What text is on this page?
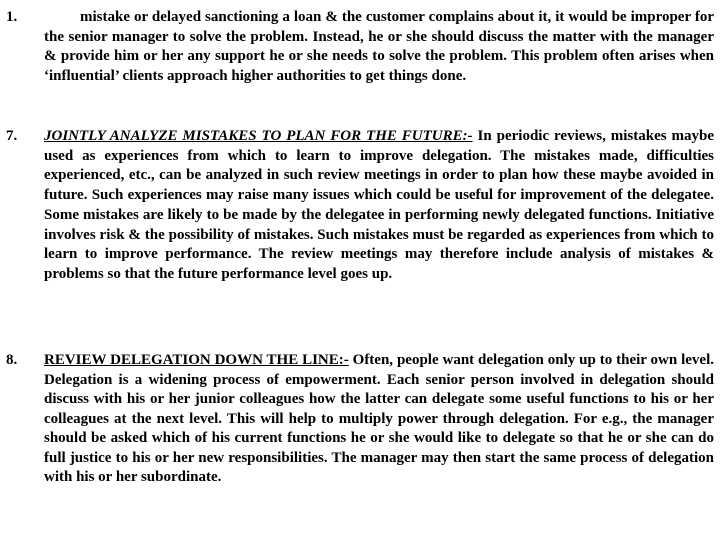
1.	mistake or delayed sanctioning a loan & the customer complains about it, it would be improper for the senior manager to solve the problem. Instead, he or she should discuss the matter with the manager & provide him or her any support he or she needs to solve the problem. This problem often arises when ‘influential’ clients approach higher authorities to get things done.
7. JOINTLY ANALYZE MISTAKES TO PLAN FOR THE FUTURE:- In periodic reviews, mistakes maybe used as experiences from which to learn to improve delegation. The mistakes made, difficulties experienced, etc., can be analyzed in such review meetings in order to plan how these maybe avoided in future. Such experiences may raise many issues which could be useful for improvement of the delegatee. Some mistakes are likely to be made by the delegatee in performing newly delegated functions. Initiative involves risk & the possibility of mistakes. Such mistakes must be regarded as experiences from which to learn to improve performance. The review meetings may therefore include analysis of mistakes & problems so that the future performance level goes up.
8. REVIEW DELEGATION DOWN THE LINE:- Often, people want delegation only up to their own level. Delegation is a widening process of empowerment. Each senior person involved in delegation should discuss with his or her junior colleagues how the latter can delegate some useful functions to his or her colleagues at the next level. This will help to multiply power through delegation. For e.g., the manager should be asked which of his current functions he or she would like to delegate so that he or she can do full justice to his or her new responsibilities. The manager may then start the same process of delegation with his or her subordinate.
